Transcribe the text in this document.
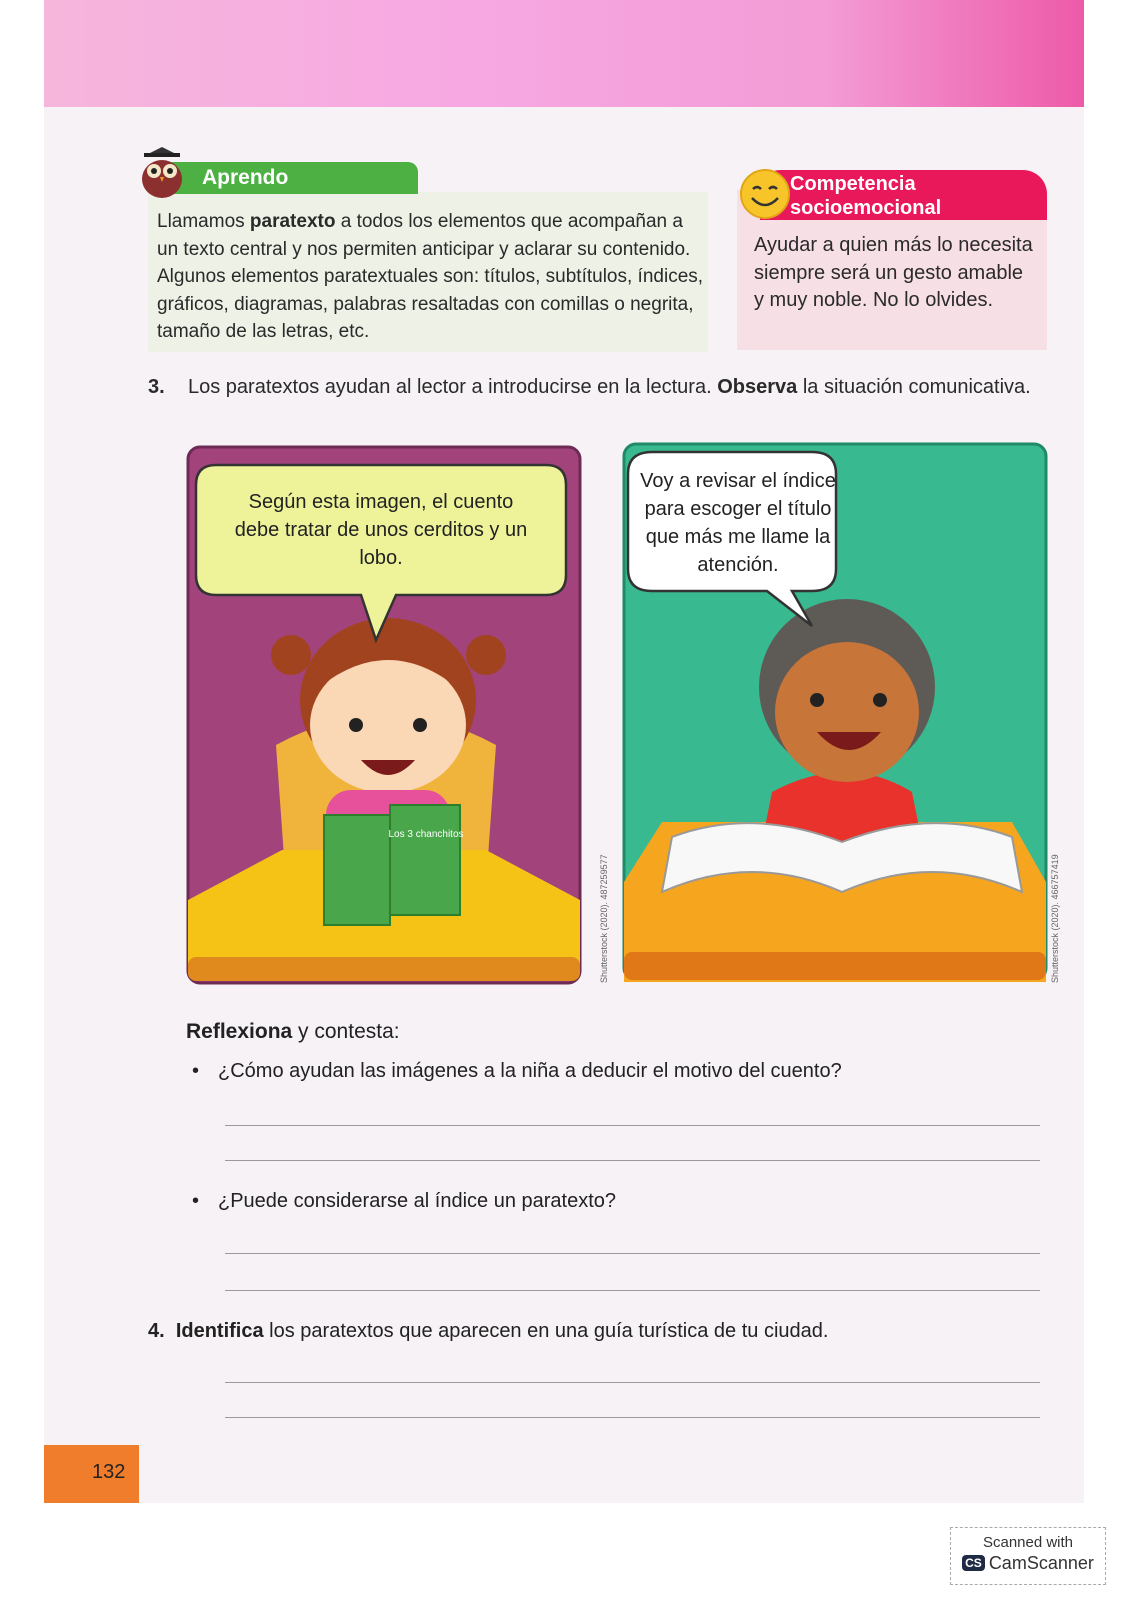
Aprendo
Llamamos paratexto a todos los elementos que acompañan a un texto central y nos permiten anticipar y aclarar su contenido. Algunos elementos paratextuales son: títulos, subtítulos, índices, gráficos, diagramas, palabras resaltadas con comillas o negrita, tamaño de las letras, etc.
Competencia
socioemocional
Ayudar a quien más lo necesita siempre será un gesto amable y muy noble. No lo olvides.
3. Los paratextos ayudan al lector a introducirse en la lectura. Observa la situación comunicativa.
Según esta imagen, el cuento
debe tratar de unos cerditos y un
lobo.
Los 3 chanchitos
Shutterstock (2020). 487259577
Voy a revisar el índice
para escoger el título
que más me llame la
atención.
Shutterstock (2020). 466757419
Reflexiona y contesta:
• ¿Cómo ayudan las imágenes a la niña a deducir el motivo del cuento?
• ¿Puede considerarse al índice un paratexto?
4. Identifica los paratextos que aparecen en una guía turística de tu ciudad.
132
Scanned with
CS CamScanner
